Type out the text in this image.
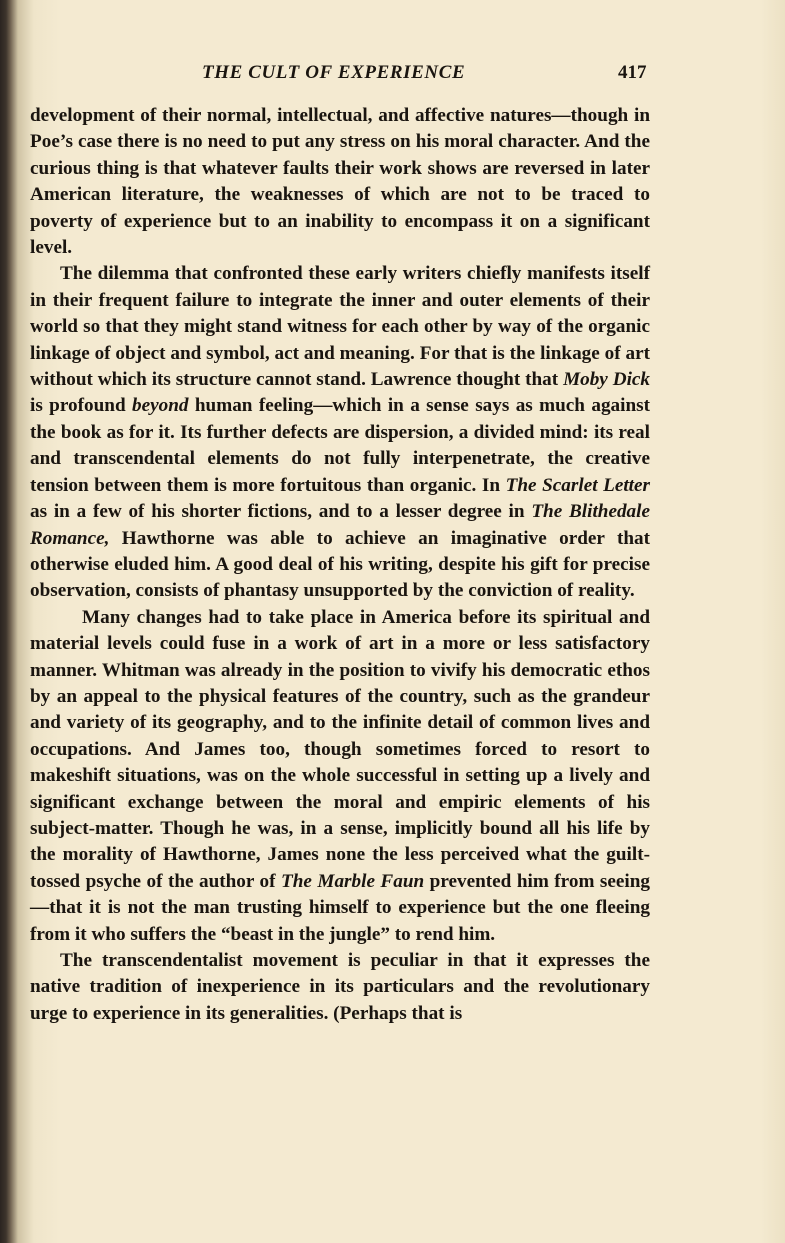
THE CULT OF EXPERIENCE	417

development of their normal, intellectual, and affective natures—though in Poe’s case there is no need to put any stress on his moral character. And the curious thing is that whatever faults their work shows are reversed in later American literature, the weaknesses of which are not to be traced to poverty of experience but to an inability to encompass it on a significant level.

The dilemma that confronted these early writers chiefly manifests itself in their frequent failure to integrate the inner and outer elements of their world so that they might stand witness for each other by way of the organic linkage of object and symbol, act and meaning. For that is the linkage of art without which its structure cannot stand. Lawrence thought that Moby Dick is profound beyond human feeling—which in a sense says as much against the book as for it. Its further defects are dispersion, a divided mind: its real and transcendental elements do not fully interpenetrate, the creative tension between them is more fortuitous than organic. In The Scarlet Letter as in a few of his shorter fictions, and to a lesser degree in The Blithedale Romance, Hawthorne was able to achieve an imaginative order that otherwise eluded him. A good deal of his writing, despite his gift for precise observation, consists of phantasy unsupported by the conviction of reality.

Many changes had to take place in America before its spiritual and material levels could fuse in a work of art in a more or less satisfactory manner. Whitman was already in the position to vivify his democratic ethos by an appeal to the physical features of the country, such as the grandeur and variety of its geography, and to the infinite detail of common lives and occupations. And James too, though sometimes forced to resort to makeshift situations, was on the whole successful in setting up a lively and significant exchange between the moral and empiric elements of his subject-matter. Though he was, in a sense, implicitly bound all his life by the morality of Hawthorne, James none the less perceived what the guilt-tossed psyche of the author of The Marble Faun prevented him from seeing—that it is not the man trusting himself to experience but the one fleeing from it who suffers the “beast in the jungle” to rend him.

The transcendentalist movement is peculiar in that it expresses the native tradition of inexperience in its particulars and the revolutionary urge to experience in its generalities. (Perhaps that is
